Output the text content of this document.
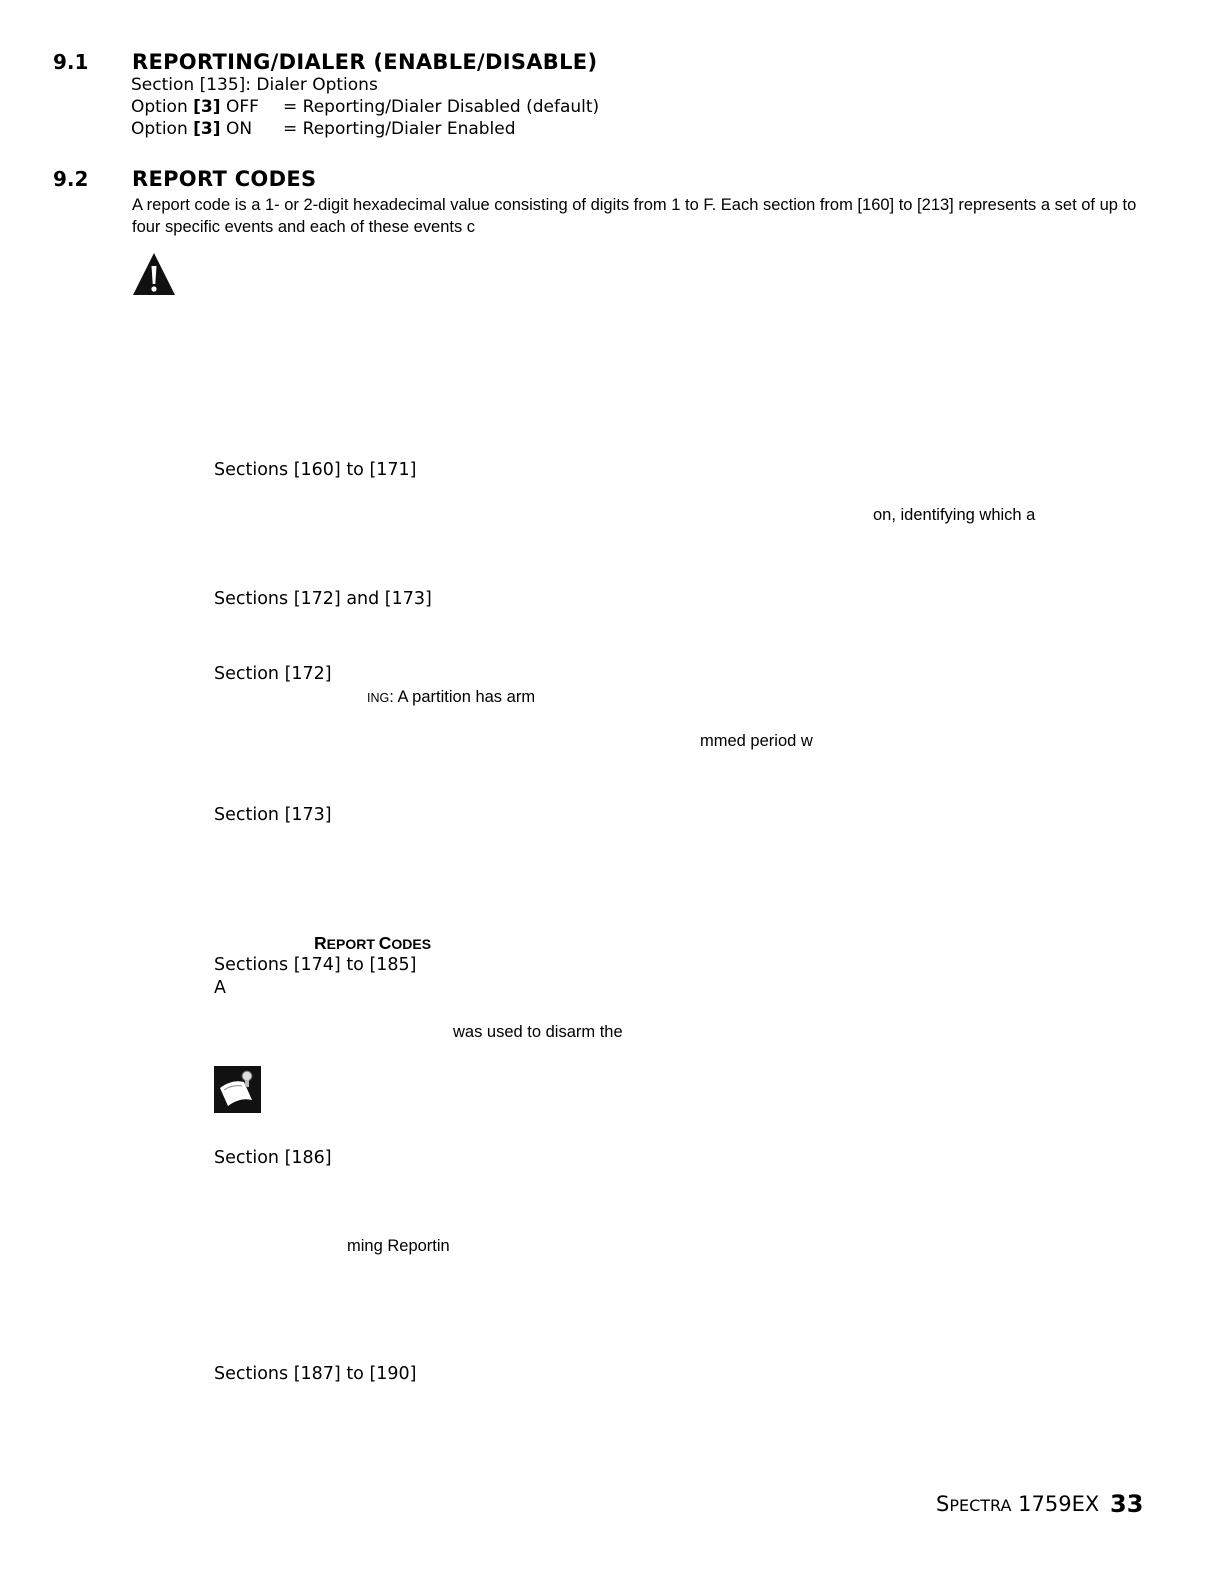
9.1 REPORTING/DIALER (ENABLE/DISABLE)
Section [135]: Dialer Options
Option [3] OFF = Reporting/Dialer Disabled (default)
Option [3] ON = Reporting/Dialer Enabled
9.2 REPORT CODES
A report code is a 1- or 2-digit hexadecimal value consisting of digits from 1 to F. Each section from [160] to [213] represents a set of up to four specific events and each of these events c
Sections [160] to [171]
on, identifying which a
Sections [172] and [173]
Section [172]
ING: A partition has arm
mmed period w
Section [173]
REPORT CODES
Sections [174] to [185]
A
was used to disarm the
Section [186]
ming Reportin
Sections [187] to [190]
SPECTRA 1759EX 33
